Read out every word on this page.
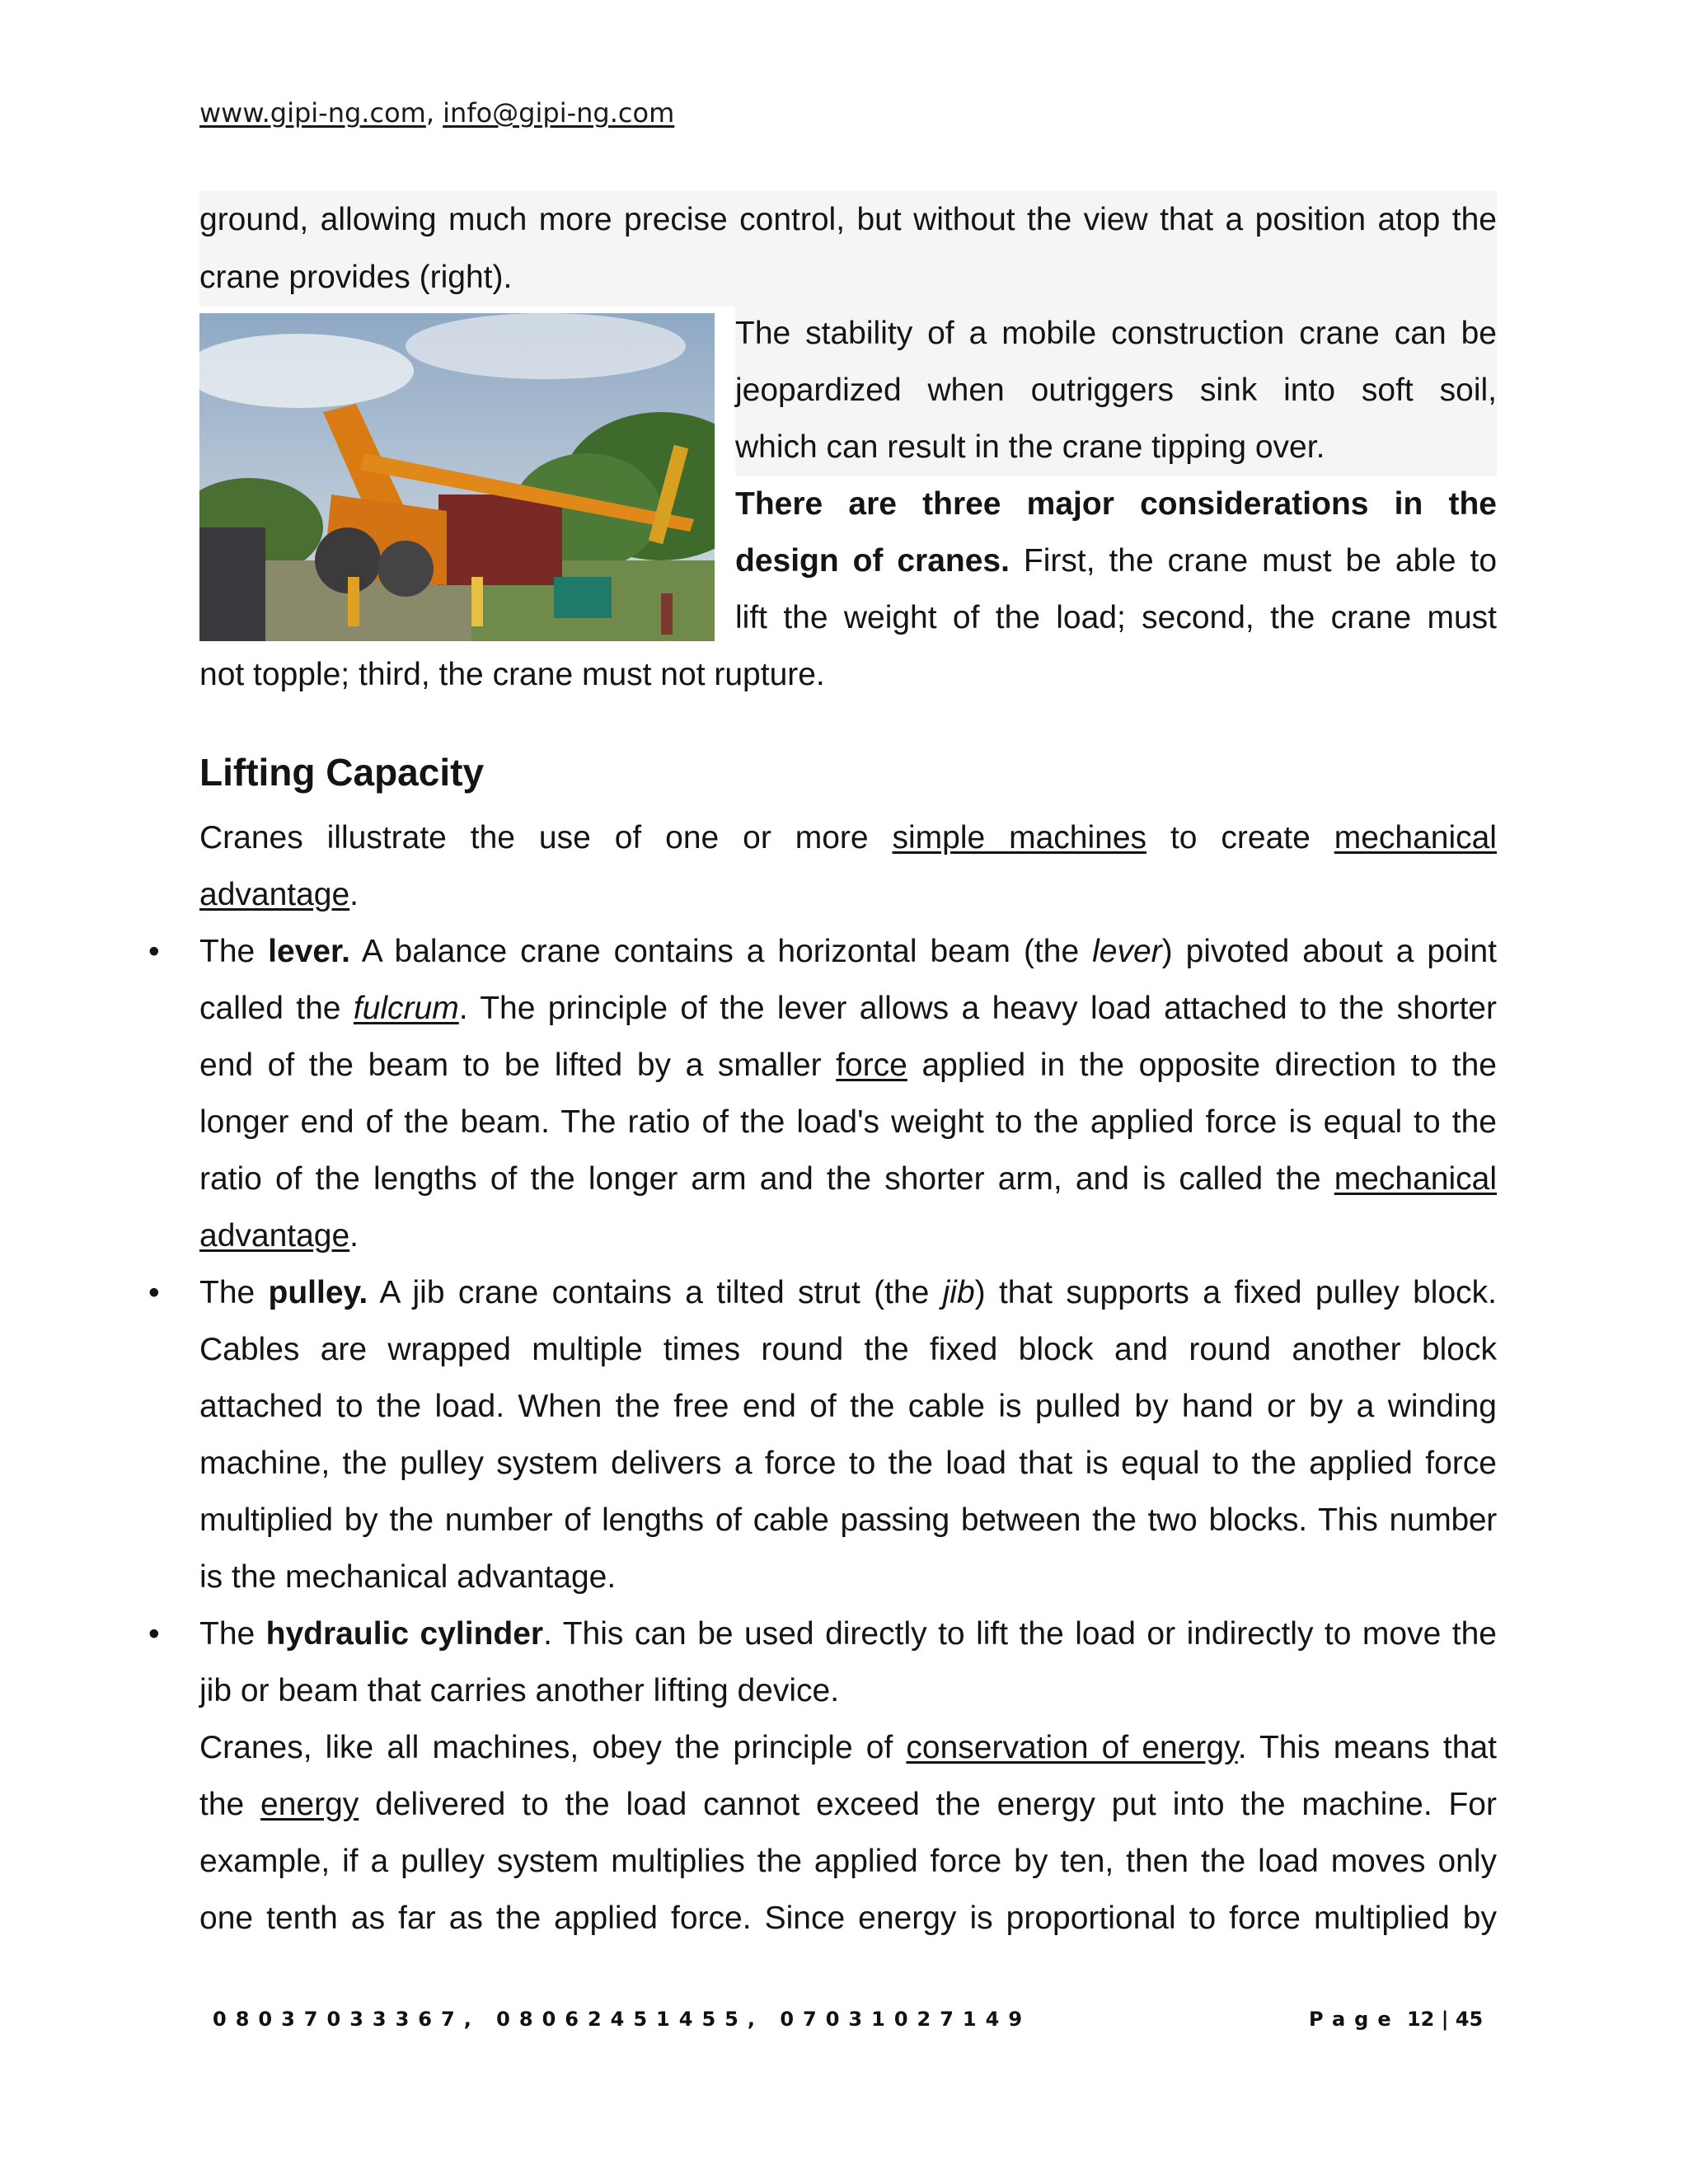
www.gipi-ng.com, info@gipi-ng.com
ground, allowing much more precise control, but without the view that a position atop the
crane provides (right).
The stability of a mobile construction crane can be
jeopardized when outriggers sink into soft soil,
which can result in the crane tipping over.
There are three major considerations in the
design of cranes. First, the crane must be able to
lift the weight of the load; second, the crane must
not topple; third, the crane must not rupture.
Lifting Capacity
Cranes illustrate the use of one or more simple machines to create mechanical
advantage.
• The lever. A balance crane contains a horizontal beam (the lever) pivoted about a point
called the fulcrum. The principle of the lever allows a heavy load attached to the shorter
end of the beam to be lifted by a smaller force applied in the opposite direction to the
longer end of the beam. The ratio of the load's weight to the applied force is equal to the
ratio of the lengths of the longer arm and the shorter arm, and is called the mechanical
advantage.
• The pulley. A jib crane contains a tilted strut (the jib) that supports a fixed pulley block.
Cables are wrapped multiple times round the fixed block and round another block
attached to the load. When the free end of the cable is pulled by hand or by a winding
machine, the pulley system delivers a force to the load that is equal to the applied force
multiplied by the number of lengths of cable passing between the two blocks. This number
is the mechanical advantage.
• The hydraulic cylinder. This can be used directly to lift the load or indirectly to move the
jib or beam that carries another lifting device.
Cranes, like all machines, obey the principle of conservation of energy. This means that
the energy delivered to the load cannot exceed the energy put into the machine. For
example, if a pulley system multiplies the applied force by ten, then the load moves only
one tenth as far as the applied force. Since energy is proportional to force multiplied by
08037033367, 08062451455, 07031027149	Page 12 | 45
